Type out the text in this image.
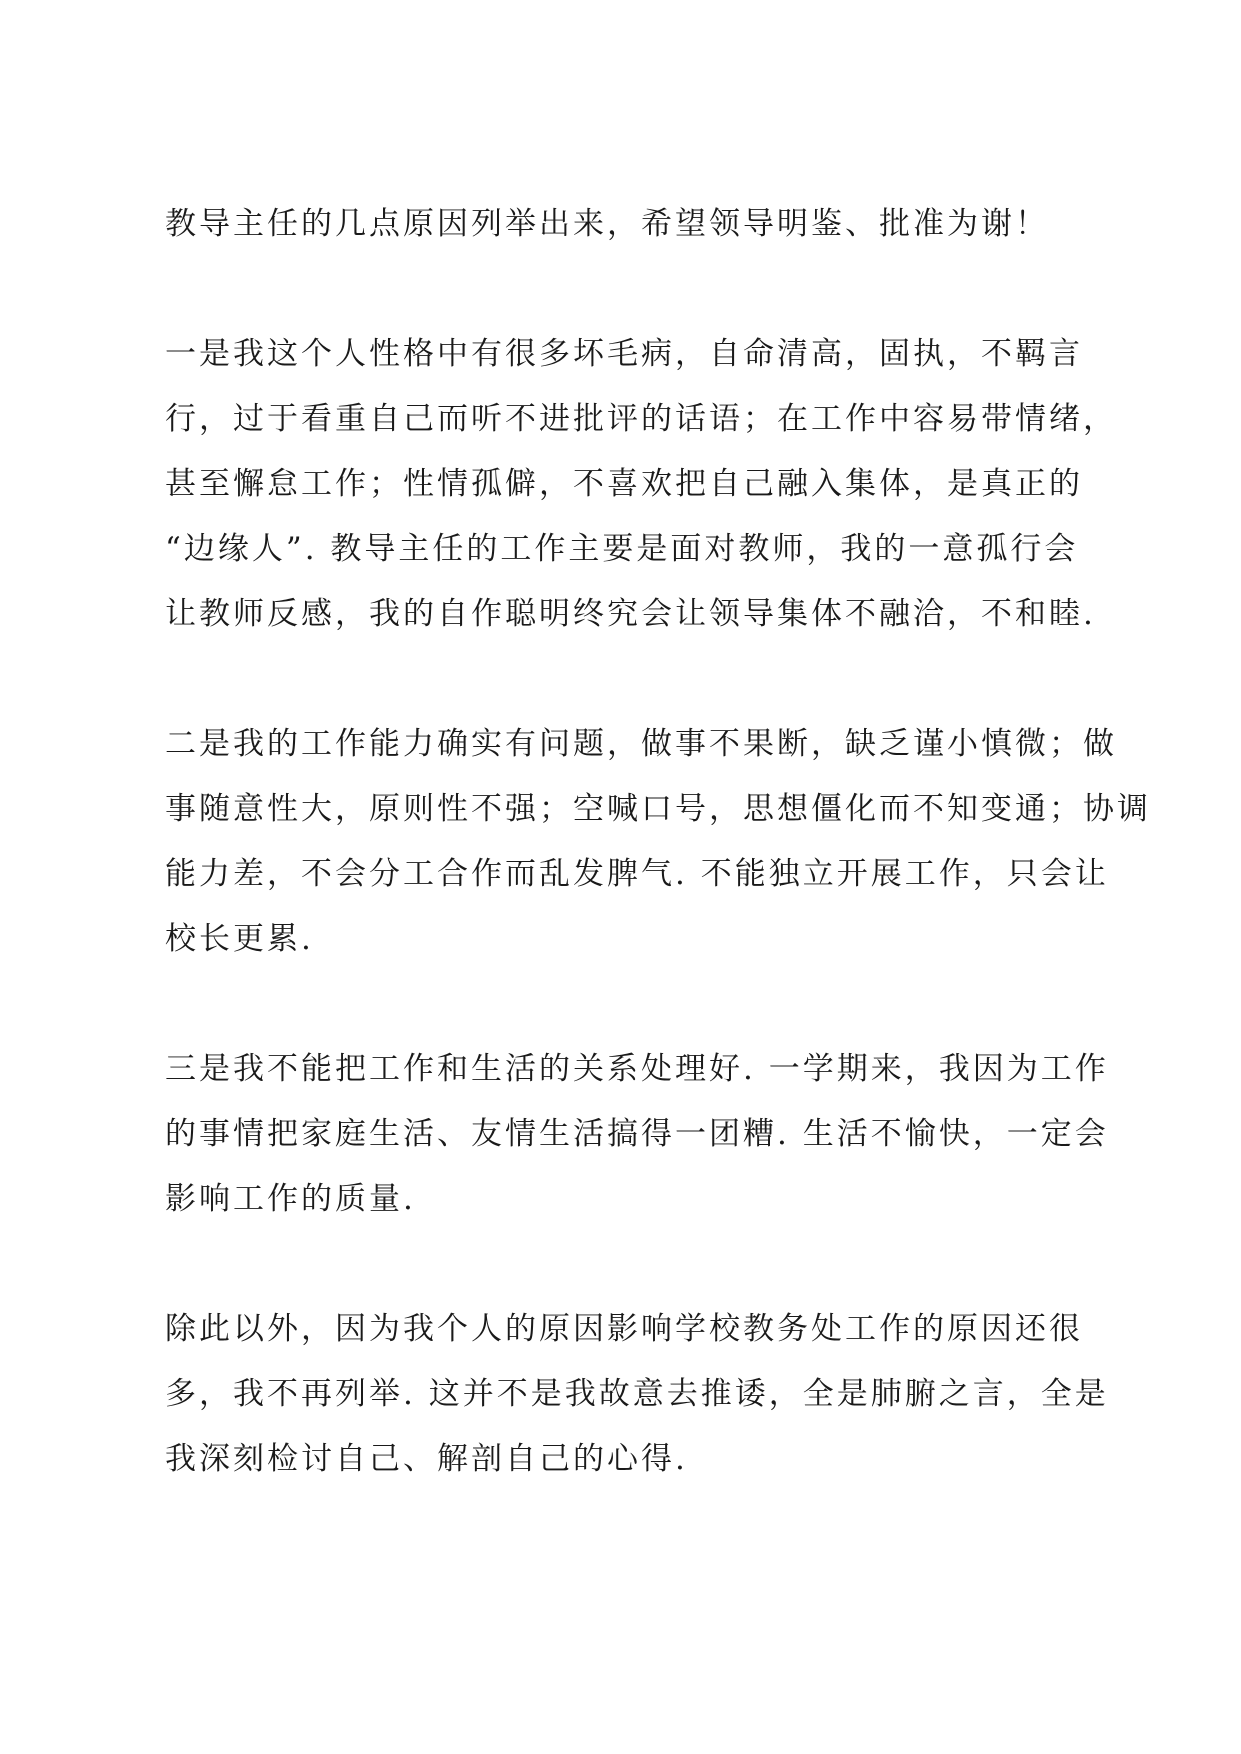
教导主任的几点原因列举出来，希望领导明鉴、批准为谢！
一是我这个人性格中有很多坏毛病，自命清高，固执，不羁言
行，过于看重自己而听不进批评的话语；在工作中容易带情绪，
甚至懈怠工作；性情孤僻，不喜欢把自己融入集体，是真正的
“边缘人”. 教导主任的工作主要是面对教师，我的一意孤行会
让教师反感，我的自作聪明终究会让领导集体不融洽，不和睦.
二是我的工作能力确实有问题，做事不果断，缺乏谨小慎微；做
事随意性大，原则性不强；空喊口号，思想僵化而不知变通；协调
能力差，不会分工合作而乱发脾气. 不能独立开展工作，只会让
校长更累.
三是我不能把工作和生活的关系处理好. 一学期来，我因为工作
的事情把家庭生活、友情生活搞得一团糟. 生活不愉快，一定会
影响工作的质量.
除此以外，因为我个人的原因影响学校教务处工作的原因还很
多，我不再列举. 这并不是我故意去推诿，全是肺腑之言，全是
我深刻检讨自己、解剖自己的心得.
